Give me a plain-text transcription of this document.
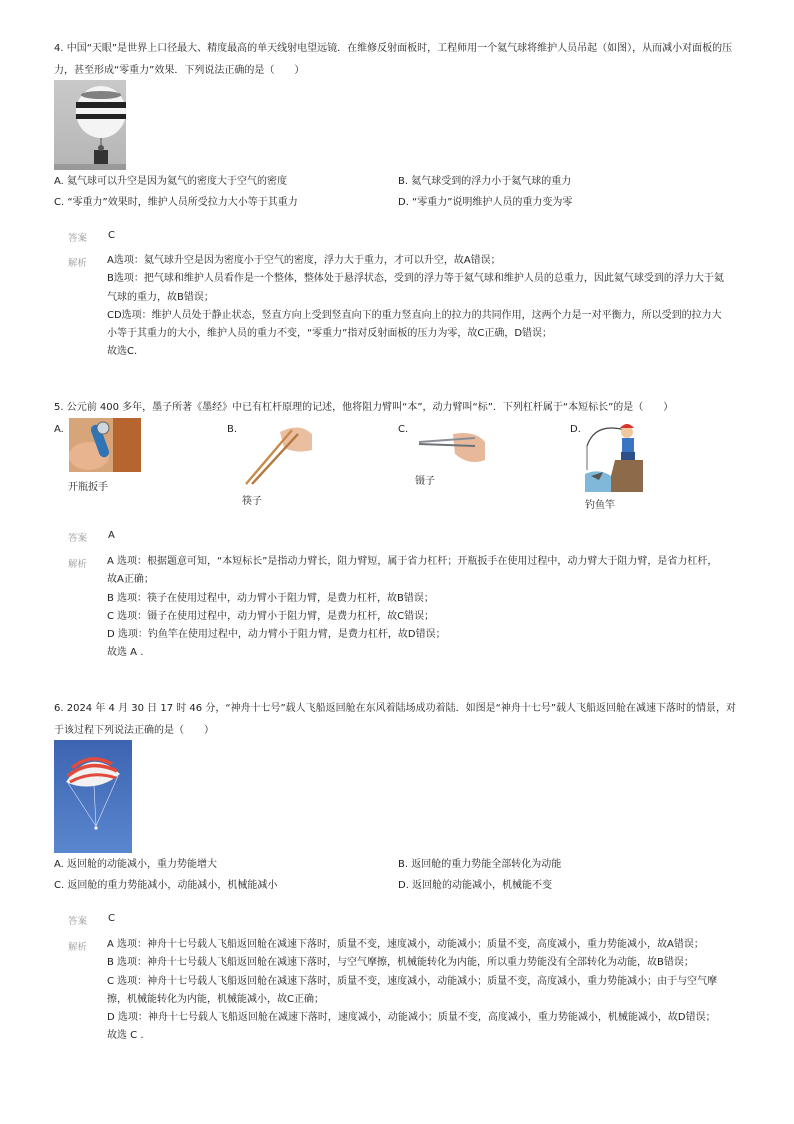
4. 中国“天眼”是世界上口径最大、精度最高的单天线射电望远镜．在维修反射面板时，工程师用一个氦气球将维护人员吊起（如图），从而减小对面板的压力，甚至形成“零重力”效果．下列说法正确的是（　　）

A. 氦气球可以升空是因为氦气的密度大于空气的密度	B. 氦气球受到的浮力小于氦气球的重力
C. “零重力”效果时，维护人员所受拉力大小等于其重力	D. “零重力”说明维护人员的重力变为零
答案 C
解析 A选项：氦气球升空是因为密度小于空气的密度，浮力大于重力，才可以升空，故A错误；
B选项：把气球和维护人员看作是一个整体，整体处于悬浮状态，受到的浮力等于氦气球和维护人员的总重力，因此氦气球受到的浮力大于氦气球的重力，故B错误；
CD选项：维护人员处于静止状态，竖直方向上受到竖直向下的重力竖直向上的拉力的共同作用，这两个力是一对平衡力，所以受到的拉力大小等于其重力的大小，维护人员的重力不变，“零重力”指对反射面板的压力为零，故C正确，D错误；
故选C.

5. 公元前 400 多年，墨子所著《墨经》中已有杠杆原理的记述，他将阻力臂叫“本”，动力臂叫“标”．下列杠杆属于“本短标长”的是（　　）

A.
开瓶扳手
B.
筷子
C.
镊子
D.
钓鱼竿
答案 A
解析 A 选项：根据题意可知，“本短标长”是指动力臂长，阻力臂短，属于省力杠杆；开瓶扳手在使用过程中，动力臂大于阻力臂，是省力杠杆，故A正确；
B 选项：筷子在使用过程中，动力臂小于阻力臂，是费力杠杆，故B错误；
C 选项：镊子在使用过程中，动力臂小于阻力臂，是费力杠杆，故C错误；
D 选项：钓鱼竿在使用过程中，动力臂小于阻力臂，是费力杠杆，故D错误；
故选 A .

6. 2024 年 4 月 30 日 17 时 46 分，“神舟十七号”载人飞船返回舱在东风着陆场成功着陆．如图是“神舟十七号”载人飞船返回舱在减速下落时的情景，对于该过程下列说法正确的是（　　）

A. 返回舱的动能减小，重力势能增大	B. 返回舱的重力势能全部转化为动能
C. 返回舱的重力势能减小，动能减小，机械能减小	D. 返回舱的动能减小，机械能不变
答案 C
解析 A 选项：神舟十七号载人飞船返回舱在减速下落时，质量不变，速度减小，动能减小；质量不变，高度减小，重力势能减小，故A错误；
B 选项：神舟十七号载人飞船返回舱在减速下落时，与空气摩擦，机械能转化为内能，所以重力势能没有全部转化为动能，故B错误；
C 选项：神舟十七号载人飞船返回舱在减速下落时，质量不变，速度减小，动能减小；质量不变，高度减小，重力势能减小；由于与空气摩擦，机械能转化为内能，机械能减小，故C正确；
D 选项：神舟十七号载人飞船返回舱在减速下落时，速度减小，动能减小；质量不变，高度减小，重力势能减小，机械能减小，故D错误；
故选 C .
